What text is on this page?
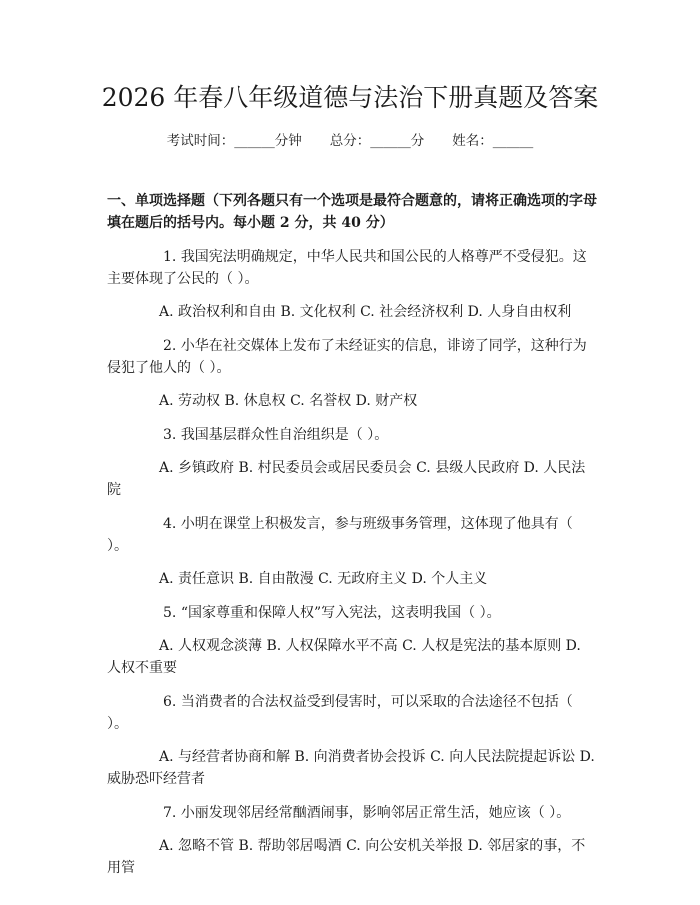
2026 年春八年级道德与法治下册真题及答案
考试时间：______分钟 总分：______分 姓名：______

一、单项选择题（下列各题只有一个选项是最符合题意的，请将正确选项的字母填在题后的括号内。每小题 2 分，共 40 分）

1. 我国宪法明确规定，中华人民共和国公民的人格尊严不受侵犯。这主要体现了公民的（ ）。

A. 政治权利和自由 B. 文化权利 C. 社会经济权利 D. 人身自由权利

2. 小华在社交媒体上发布了未经证实的信息，诽谤了同学，这种行为侵犯了他人的（ ）。

A. 劳动权 B. 休息权 C. 名誉权 D. 财产权

3. 我国基层群众性自治组织是（ ）。

A. 乡镇政府 B. 村民委员会或居民委员会 C. 县级人民政府 D. 人民法院

4. 小明在课堂上积极发言，参与班级事务管理，这体现了他具有（ ）。

A. 责任意识 B. 自由散漫 C. 无政府主义 D. 个人主义

5. “国家尊重和保障人权”写入宪法，这表明我国（ ）。

A. 人权观念淡薄 B. 人权保障水平不高 C. 人权是宪法的基本原则 D. 人权不重要

6. 当消费者的合法权益受到侵害时，可以采取的合法途径不包括（ ）。

A. 与经营者协商和解 B. 向消费者协会投诉 C. 向人民法院提起诉讼 D. 威胁恐吓经营者

7. 小丽发现邻居经常酗酒闹事，影响邻居正常生活，她应该（ ）。

A. 忽略不管 B. 帮助邻居喝酒 C. 向公安机关举报 D. 邻居家的事，不用管
